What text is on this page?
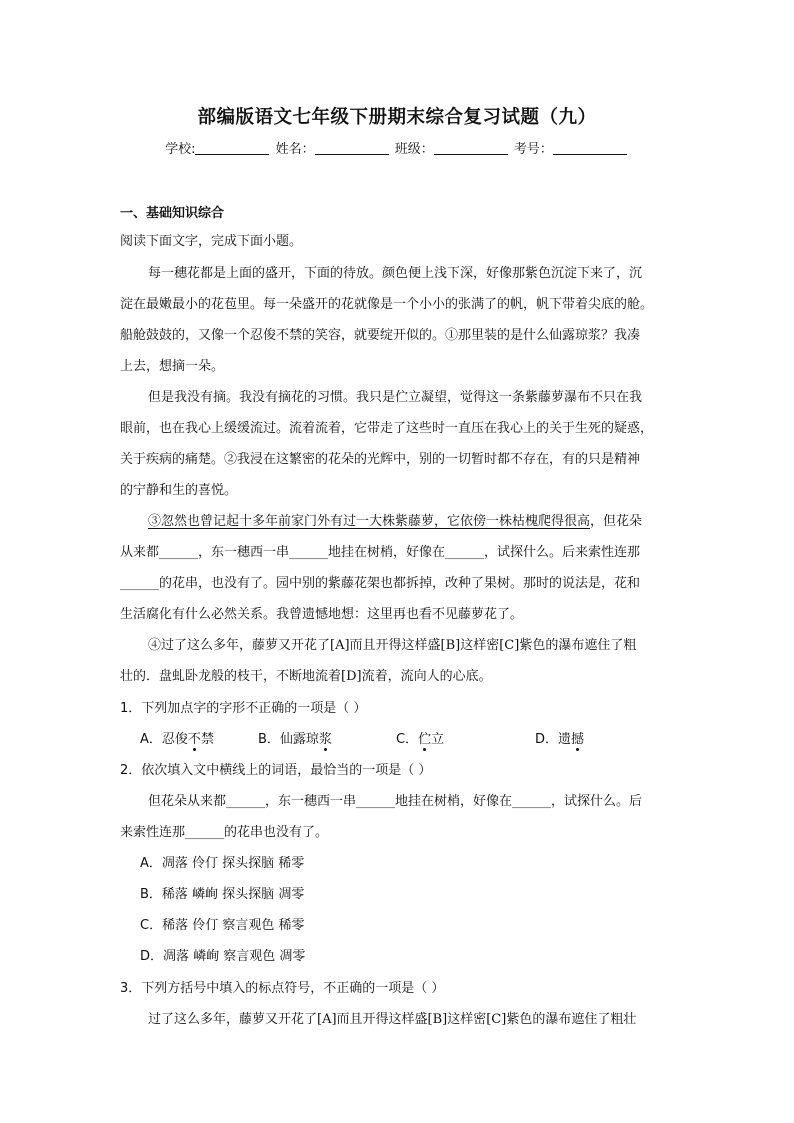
部编版语文七年级下册期末综合复习试题（九）
学校:	姓名：	班级：	考号：
一、基础知识综合
阅读下面文字，完成下面小题。
每一穗花都是上面的盛开，下面的待放。颜色便上浅下深，好像那紫色沉淀下来了，沉
淀在最嫩最小的花苞里。每一朵盛开的花就像是一个小小的张满了的帆，帆下带着尖底的舱。
船舱鼓鼓的，又像一个忍俊不禁的笑容，就要绽开似的。①那里装的是什么仙露琼浆？我凑
上去，想摘一朵。
但是我没有摘。我没有摘花的习惯。我只是伫立凝望，觉得这一条紫藤萝瀑布不只在我
眼前，也在我心上缓缓流过。流着流着，它带走了这些时一直压在我心上的关于生死的疑惑，
关于疾病的痛楚。②我浸在这繁密的花朵的光辉中，别的一切暂时都不存在，有的只是精神
的宁静和生的喜悦。
③忽然也曾记起十多年前家门外有过一大株紫藤萝，它依傍一株枯槐爬得很高，但花朵
从来都______，东一穗西一串______地挂在树梢，好像在______，试探什么。后来索性连那
______的花串，也没有了。园中别的紫藤花架也都拆掉，改种了果树。那时的说法是，花和
生活腐化有什么必然关系。我曾遗憾地想：这里再也看不见藤萝花了。
④过了这么多年，藤萝又开花了[A]而且开得这样盛[B]这样密[C]紫色的瀑布遮住了粗
壮的．盘虬卧龙般的枝干，不断地流着[D]流着，流向人的心底。
1．下列加点字的字形不正确的一项是（ ）
A．忍俊不禁	B．仙露琼浆	C．伫立	D．遗撼
2．依次填入文中横线上的词语，最恰当的一项是（ ）
但花朵从来都______，东一穗西一串______地挂在树梢，好像在______，试探什么。后
来索性连那______的花串也没有了。
A．凋落 伶仃 探头探脑 稀零
B．稀落 嶙峋 探头探脑 凋零
C．稀落 伶仃 察言观色 稀零
D．凋落 嶙峋 察言观色 凋零
3．下列方括号中填入的标点符号，不正确的一项是（ ）
过了这么多年，藤萝又开花了[A]而且开得这样盛[B]这样密[C]紫色的瀑布遮住了粗壮
